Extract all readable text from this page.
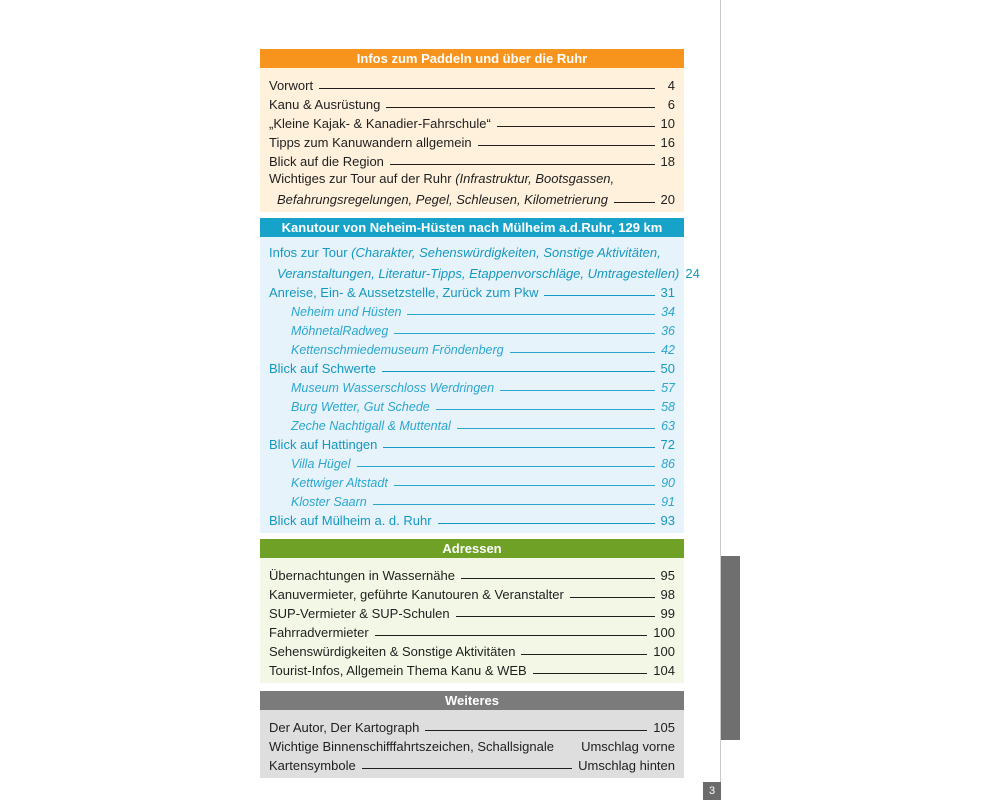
3
Infos zum Paddeln und über die Ruhr
Vorwort	4
Kanu & Ausrüstung	6
„Kleine Kajak- & Kanadier-Fahrschule“	10
Tipps zum Kanuwandern allgemein	16
Blick auf die Region	18
Wichtiges zur Tour auf der Ruhr (Infrastruktur, Bootsgassen,
Befahrungsregelungen, Pegel, Schleusen, Kilometrierung	20
Kanutour von Neheim-Hüsten nach Mülheim a.d.Ruhr, 129 km
Infos zur Tour (Charakter, Sehenswürdigkeiten, Sonstige Aktivitäten,
Veranstaltungen, Literatur-Tipps, Etappenvorschläge, Umtragestellen) 24
Anreise, Ein- & Aussetzstelle, Zurück zum Pkw	31
Neheim und Hüsten	34
MöhnetalRadweg	36
Kettenschmiedemuseum Fröndenberg	42
Blick auf Schwerte	50
Museum Wasserschloss Werdringen	57
Burg Wetter, Gut Schede	58
Zeche Nachtigall & Muttental	63
Blick auf Hattingen	72
Villa Hügel	86
Kettwiger Altstadt	90
Kloster Saarn	91
Blick auf Mülheim a. d. Ruhr	93
Adressen
Übernachtungen in Wassernähe	95
Kanuvermieter, geführte Kanutouren & Veranstalter	98
SUP-Vermieter & SUP-Schulen	99
Fahrradvermieter	100
Sehenswürdigkeiten & Sonstige Aktivitäten	100
Tourist-Infos, Allgemein Thema Kanu & WEB	104
Weiteres
Der Autor, Der Kartograph	105
Wichtige Binnenschifffahrtszeichen, Schallsignale Umschlag vorne
Kartensymbole	Umschlag hinten
